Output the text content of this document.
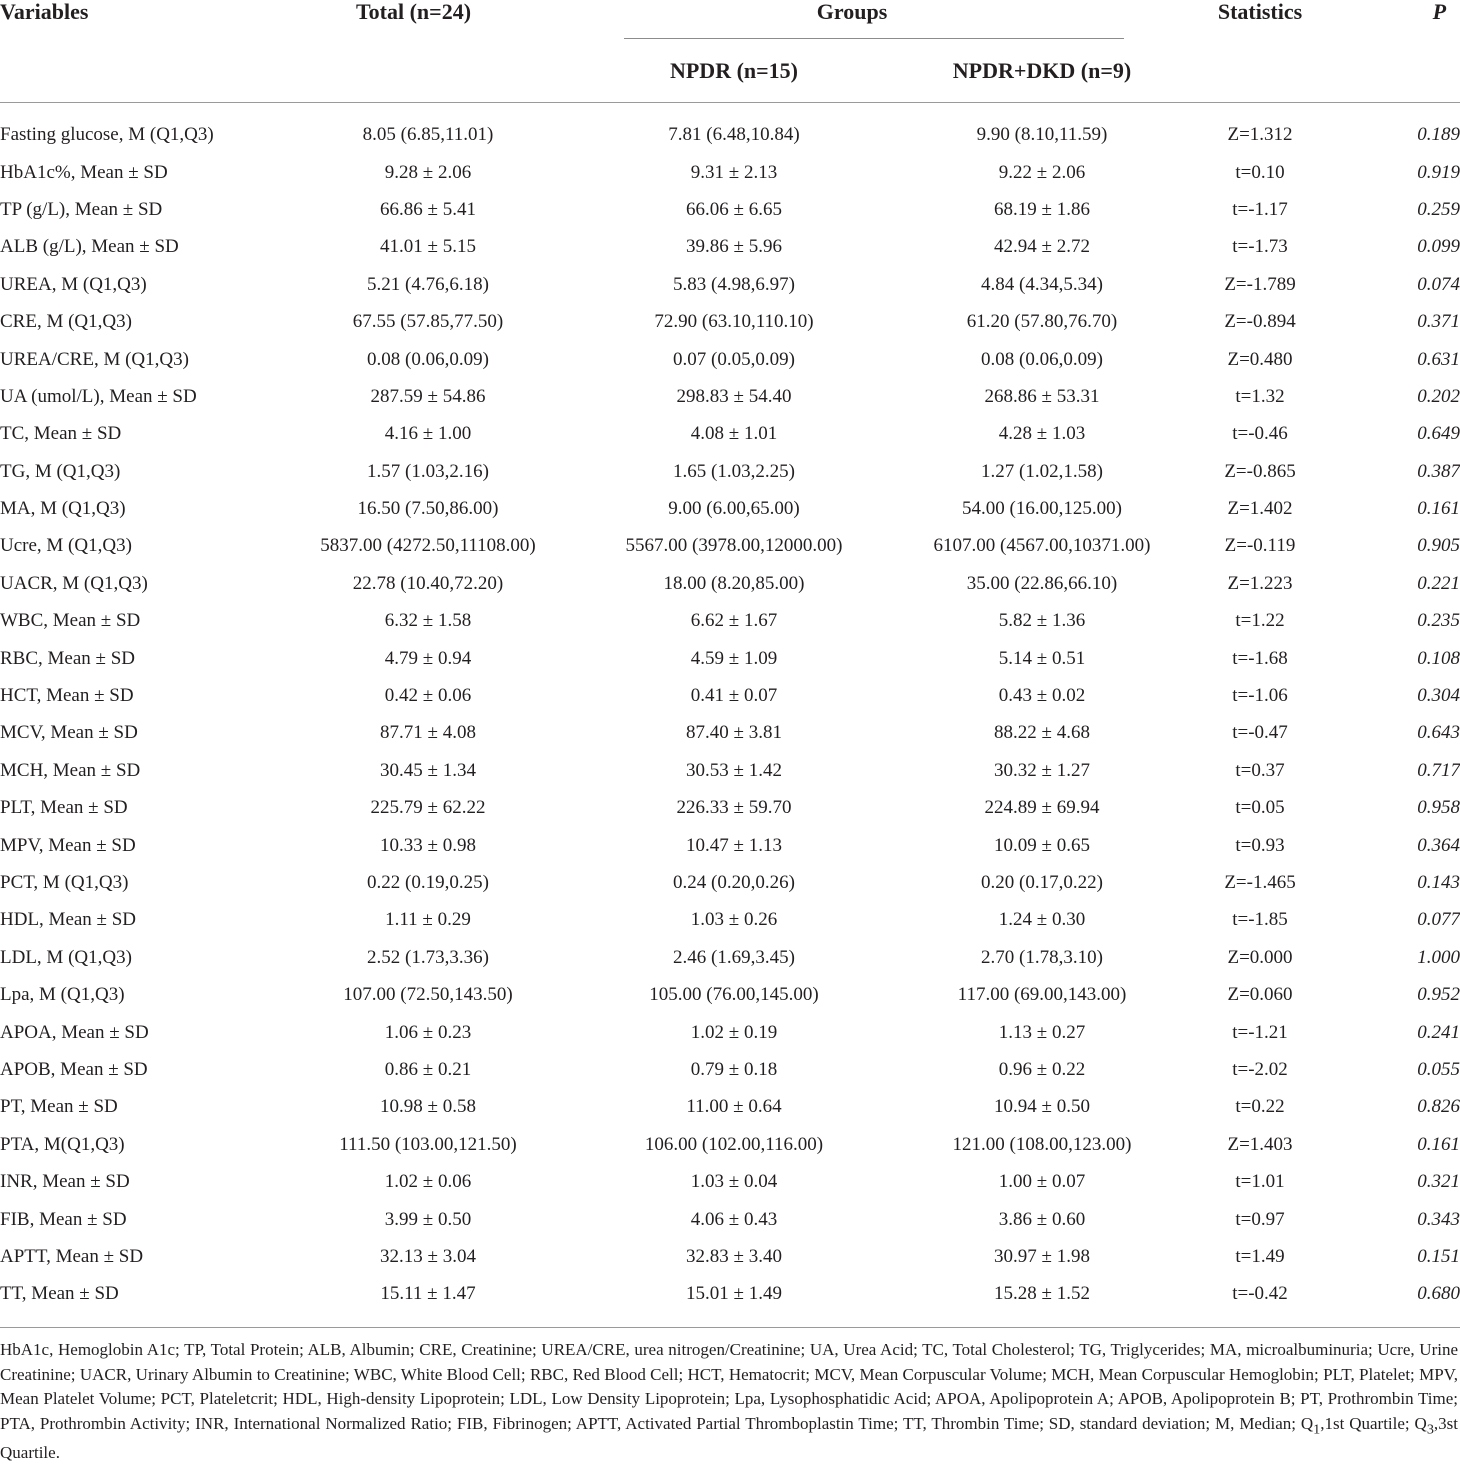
Variables	Total (n=24)	Groups		Statistics	P
		NPDR (n=15)	NPDR+DKD (n=9)		

Fasting glucose, M (Q1,Q3)	8.05 (6.85,11.01)	7.81 (6.48,10.84)	9.90 (8.10,11.59)	Z=1.312	0.189
HbA1c%, Mean ± SD	9.28 ± 2.06	9.31 ± 2.13	9.22 ± 2.06	t=0.10	0.919
TP (g/L), Mean ± SD	66.86 ± 5.41	66.06 ± 6.65	68.19 ± 1.86	t=-1.17	0.259
ALB (g/L), Mean ± SD	41.01 ± 5.15	39.86 ± 5.96	42.94 ± 2.72	t=-1.73	0.099
UREA, M (Q1,Q3)	5.21 (4.76,6.18)	5.83 (4.98,6.97)	4.84 (4.34,5.34)	Z=-1.789	0.074
CRE, M (Q1,Q3)	67.55 (57.85,77.50)	72.90 (63.10,110.10)	61.20 (57.80,76.70)	Z=-0.894	0.371
UREA/CRE, M (Q1,Q3)	0.08 (0.06,0.09)	0.07 (0.05,0.09)	0.08 (0.06,0.09)	Z=0.480	0.631
UA (umol/L), Mean ± SD	287.59 ± 54.86	298.83 ± 54.40	268.86 ± 53.31	t=1.32	0.202
TC, Mean ± SD	4.16 ± 1.00	4.08 ± 1.01	4.28 ± 1.03	t=-0.46	0.649
TG, M (Q1,Q3)	1.57 (1.03,2.16)	1.65 (1.03,2.25)	1.27 (1.02,1.58)	Z=-0.865	0.387
MA, M (Q1,Q3)	16.50 (7.50,86.00)	9.00 (6.00,65.00)	54.00 (16.00,125.00)	Z=1.402	0.161
Ucre, M (Q1,Q3)	5837.00 (4272.50,11108.00)	5567.00 (3978.00,12000.00)	6107.00 (4567.00,10371.00)	Z=-0.119	0.905
UACR, M (Q1,Q3)	22.78 (10.40,72.20)	18.00 (8.20,85.00)	35.00 (22.86,66.10)	Z=1.223	0.221
WBC, Mean ± SD	6.32 ± 1.58	6.62 ± 1.67	5.82 ± 1.36	t=1.22	0.235
RBC, Mean ± SD	4.79 ± 0.94	4.59 ± 1.09	5.14 ± 0.51	t=-1.68	0.108
HCT, Mean ± SD	0.42 ± 0.06	0.41 ± 0.07	0.43 ± 0.02	t=-1.06	0.304
MCV, Mean ± SD	87.71 ± 4.08	87.40 ± 3.81	88.22 ± 4.68	t=-0.47	0.643
MCH, Mean ± SD	30.45 ± 1.34	30.53 ± 1.42	30.32 ± 1.27	t=0.37	0.717
PLT, Mean ± SD	225.79 ± 62.22	226.33 ± 59.70	224.89 ± 69.94	t=0.05	0.958
MPV, Mean ± SD	10.33 ± 0.98	10.47 ± 1.13	10.09 ± 0.65	t=0.93	0.364
PCT, M (Q1,Q3)	0.22 (0.19,0.25)	0.24 (0.20,0.26)	0.20 (0.17,0.22)	Z=-1.465	0.143
HDL, Mean ± SD	1.11 ± 0.29	1.03 ± 0.26	1.24 ± 0.30	t=-1.85	0.077
LDL, M (Q1,Q3)	2.52 (1.73,3.36)	2.46 (1.69,3.45)	2.70 (1.78,3.10)	Z=0.000	1.000
Lpa, M (Q1,Q3)	107.00 (72.50,143.50)	105.00 (76.00,145.00)	117.00 (69.00,143.00)	Z=0.060	0.952
APOA, Mean ± SD	1.06 ± 0.23	1.02 ± 0.19	1.13 ± 0.27	t=-1.21	0.241
APOB, Mean ± SD	0.86 ± 0.21	0.79 ± 0.18	0.96 ± 0.22	t=-2.02	0.055
PT, Mean ± SD	10.98 ± 0.58	11.00 ± 0.64	10.94 ± 0.50	t=0.22	0.826
PTA, M(Q1,Q3)	111.50 (103.00,121.50)	106.00 (102.00,116.00)	121.00 (108.00,123.00)	Z=1.403	0.161
INR, Mean ± SD	1.02 ± 0.06	1.03 ± 0.04	1.00 ± 0.07	t=1.01	0.321
FIB, Mean ± SD	3.99 ± 0.50	4.06 ± 0.43	3.86 ± 0.60	t=0.97	0.343
APTT, Mean ± SD	32.13 ± 3.04	32.83 ± 3.40	30.97 ± 1.98	t=1.49	0.151
TT, Mean ± SD	15.11 ± 1.47	15.01 ± 1.49	15.28 ± 1.52	t=-0.42	0.680

HbA1c, Hemoglobin A1c; TP, Total Protein; ALB, Albumin; CRE, Creatinine; UREA/CRE, urea nitrogen/Creatinine; UA, Urea Acid; TC, Total Cholesterol; TG, Triglycerides; MA, microalbuminuria; Ucre, Urine Creatinine; UACR, Urinary Albumin to Creatinine; WBC, White Blood Cell; RBC, Red Blood Cell; HCT, Hematocrit; MCV, Mean Corpuscular Volume; MCH, Mean Corpuscular Hemoglobin; PLT, Platelet; MPV, Mean Platelet Volume; PCT, Plateletcrit; HDL, High-density Lipoprotein; LDL, Low Density Lipoprotein; Lpa, Lysophosphatidic Acid; APOA, Apolipoprotein A; APOB, Apolipoprotein B; PT, Prothrombin Time; PTA, Prothrombin Activity; INR, International Normalized Ratio; FIB, Fibrinogen; APTT, Activated Partial Thromboplastin Time; TT, Thrombin Time; SD, standard deviation; M, Median; $Q_1,1st$ Quartile; $Q_3,3st$ Quartile.
